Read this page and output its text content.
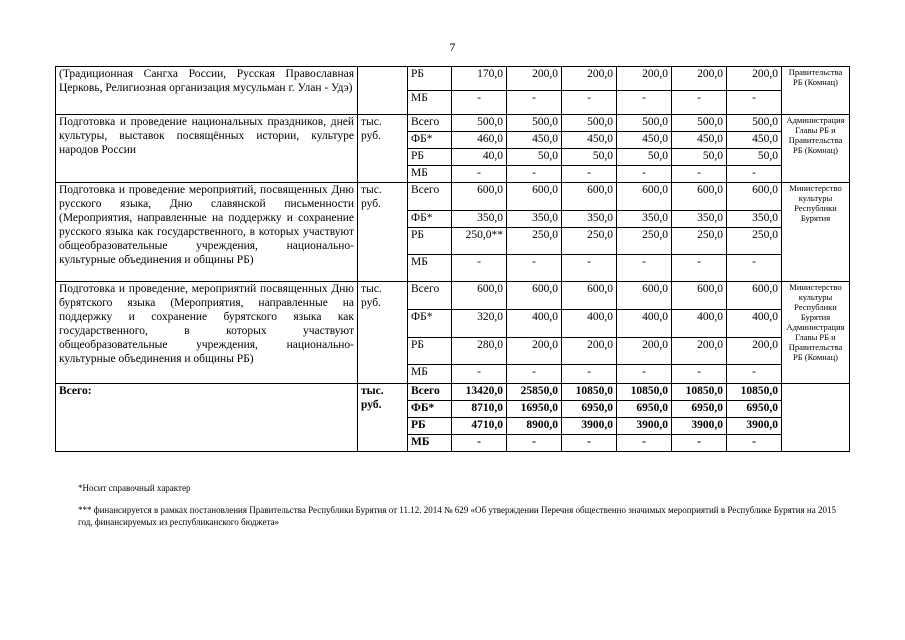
7
(Традиционная Сангха России, Русская Православная Церковь, Религиозная организация мусульман г. Улан - Удэ)		РБ	170,0	200,0	200,0	200,0	200,0	200,0	Правительства РБ (Комнац)
		МБ	-	-	-	-	-	-	
Подготовка и проведение национальных праздников, дней культуры, выставок посвящённых истории, культуре народов России	тыс. руб.	Всего	500,0	500,0	500,0	500,0	500,0	500,0	Администрация Главы РБ и Правительства РБ (Комнац)
		ФБ*	460,0	450,0	450,0	450,0	450,0	450,0	
		РБ	40,0	50,0	50,0	50,0	50,0	50,0	
		МБ	-	-	-	-	-	-	
Подготовка и проведение мероприятий, посвященных Дню русского языка, Дню славянской письменности (Мероприятия, направленные на поддержку и сохранение русского языка как государственного, в которых участвуют общеобразовательные учреждения, национально-культурные объединения и общины РБ)	тыс. руб.	Всего	600,0	600,0	600,0	600,0	600,0	600,0	Министерство культуры Республики Бурятия
		ФБ*	350,0	350,0	350,0	350,0	350,0	350,0	
		РБ	250,0**	250,0	250,0	250,0	250,0	250,0	
		МБ	-	-	-	-	-	-	
Подготовка и проведение, мероприятий посвященных Дню бурятского языка (Мероприятия, направленные на поддержку и сохранение бурятского языка как государственного, в которых участвуют общеобразовательные учреждения, национально-культурные объединения и общины РБ)	тыс. руб.	Всего	600,0	600,0	600,0	600,0	600,0	600,0	Министерство культуры Республики Бурятия Администрация Главы РБ и Правительства РБ (Комнац)
		ФБ*	320,0	400,0	400,0	400,0	400,0	400,0	
		РБ	280,0	200,0	200,0	200,0	200,0	200,0	
		МБ	-	-	-	-	-	-	
Всего:	тыс. руб.	Всего	13420,0	25850,0	10850,0	10850,0	10850,0	10850,0	
		ФБ*	8710,0	16950,0	6950,0	6950,0	6950,0	6950,0	
		РБ	4710,0	8900,0	3900,0	3900,0	3900,0	3900,0	
		МБ	-	-	-	-	-	-	

*Носит справочный характер

*** финансируется в рамках постановления Правительства Республики Бурятия от 11.12. 2014 № 629 «Об утверждении Перечня общественно значимых мероприятий в Республике Бурятия на 2015 год, финансируемых из республиканского бюджета»
